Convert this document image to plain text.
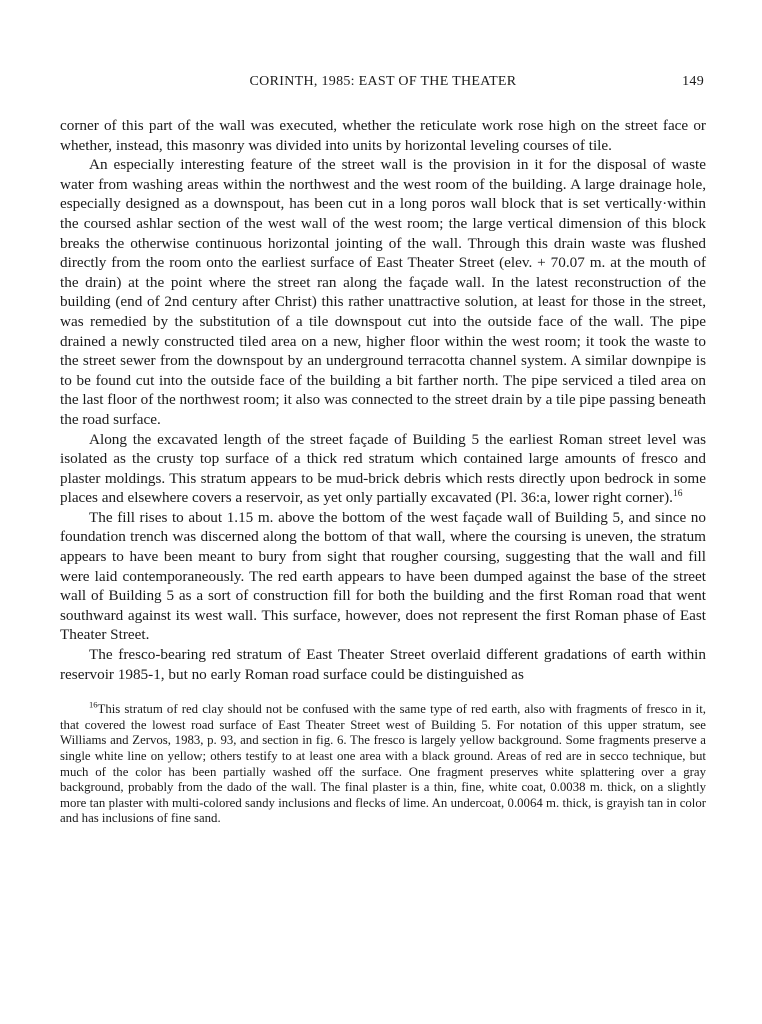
CORINTH, 1985: EAST OF THE THEATER	149

corner of this part of the wall was executed, whether the reticulate work rose high on the street face or whether, instead, this masonry was divided into units by horizontal leveling courses of tile.

An especially interesting feature of the street wall is the provision in it for the disposal of waste water from washing areas within the northwest and the west room of the building. A large drainage hole, especially designed as a downspout, has been cut in a long poros wall block that is set vertically·within the coursed ashlar section of the west wall of the west room; the large vertical dimension of this block breaks the otherwise continuous horizontal jointing of the wall. Through this drain waste was flushed directly from the room onto the earliest surface of East Theater Street (elev. + 70.07 m. at the mouth of the drain) at the point where the street ran along the façade wall. In the latest reconstruction of the building (end of 2nd century after Christ) this rather unattractive solution, at least for those in the street, was remedied by the substitution of a tile downspout cut into the outside face of the wall. The pipe drained a newly constructed tiled area on a new, higher floor within the west room; it took the waste to the street sewer from the downspout by an underground terracotta channel system. A similar downpipe is to be found cut into the outside face of the building a bit farther north. The pipe serviced a tiled area on the last floor of the northwest room; it also was connected to the street drain by a tile pipe passing beneath the road surface.

Along the excavated length of the street façade of Building 5 the earliest Roman street level was isolated as the crusty top surface of a thick red stratum which contained large amounts of fresco and plaster moldings. This stratum appears to be mud-brick debris which rests directly upon bedrock in some places and elsewhere covers a reservoir, as yet only partially excavated (Pl. 36:a, lower right corner).$^{16}$

The fill rises to about 1.15 m. above the bottom of the west façade wall of Building 5, and since no foundation trench was discerned along the bottom of that wall, where the coursing is uneven, the stratum appears to have been meant to bury from sight that rougher coursing, suggesting that the wall and fill were laid contemporaneously. The red earth appears to have been dumped against the base of the street wall of Building 5 as a sort of construction fill for both the building and the first Roman road that went southward against its west wall. This surface, however, does not represent the first Roman phase of East Theater Street.

The fresco-bearing red stratum of East Theater Street overlaid different gradations of earth within reservoir 1985-1, but no early Roman road surface could be distinguished as

$^{16}$This stratum of red clay should not be confused with the same type of red earth, also with fragments of fresco in it, that covered the lowest road surface of East Theater Street west of Building 5. For notation of this upper stratum, see Williams and Zervos, 1983, p. 93, and section in fig. 6. The fresco is largely yellow background. Some fragments preserve a single white line on yellow; others testify to at least one area with a black ground. Areas of red are in secco technique, but much of the color has been partially washed off the surface. One fragment preserves white splattering over a gray background, probably from the dado of the wall. The final plaster is a thin, fine, white coat, 0.0038 m. thick, on a slightly more tan plaster with multi-colored sandy inclusions and flecks of lime. An undercoat, 0.0064 m. thick, is grayish tan in color and has inclusions of fine sand.
